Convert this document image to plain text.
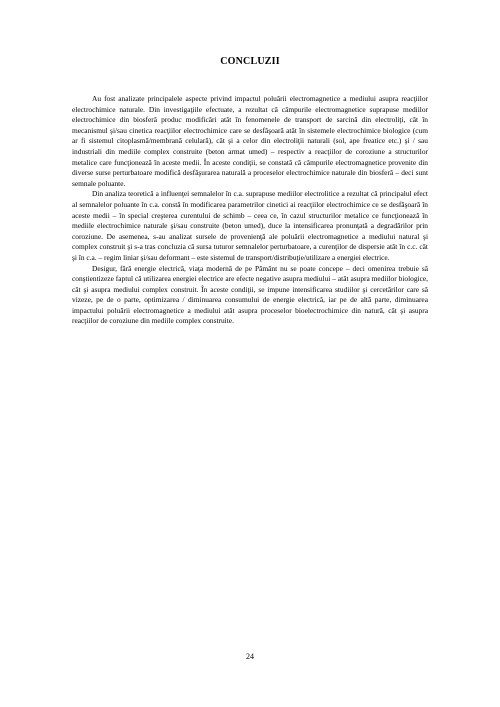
CONCLUZII

Au fost analizate principalele aspecte privind impactul poluării electromagnetice a mediului asupra reacţiilor electrochimice naturale. Din investigaţiile efectuate, a rezultat că câmpurile electromagnetice suprapuse mediilor electrochimice din biosferă produc modificări atât în fenomenele de transport de sarcină din electroliţi, cât în mecanismul şi/sau cinetica reacţiilor electrochimice care se desfăşoară atât în sistemele electrochimice biologice (cum ar fi sistemul citoplasmă/membrană celulară), cât şi a celor din electroliţii naturali (sol, ape freatice etc.) şi / sau industriali din mediile complex construite (beton armat umed) – respectiv a reacţiilor de coroziune a structurilor metalice care funcţionează în aceste medii. În aceste condiţii, se constată că câmpurile electromagnetice provenite din diverse surse perturbatoare modifică desfăşurarea naturală a proceselor electrochimice naturale din biosferă – deci sunt semnale poluante.

Din analiza teoretică a influenţei semnalelor în c.a. suprapuse mediilor electrolitice a rezultat că principalul efect al semnalelor poluante în c.a. constă în modificarea parametrilor cinetici ai reacţiilor electrochimice ce se desfăşoară în aceste medii – în special creşterea curentului de schimb – ceea ce, în cazul structurilor metalice ce funcţionează în mediile electrochimice naturale şi/sau construite (beton umed), duce la intensificarea pronunţată a degradărilor prin coroziune. De asemenea, s-au analizat sursele de provenienţă ale poluării electromagnetice a mediului natural şi complex construit şi s-a tras concluzia că sursa tuturor semnalelor perturbatoare, a curenţilor de dispersie atât în c.c. cât şi în c.a. – regim liniar şi/sau deformant – este sistemul de transport/distribuţie/utilizare a energiei electrice.

Desigur, fără energie electrică, viaţa modernă de pe Pământ nu se poate concepe – deci omenirea trebuie să conştientizeze faptul că utilizarea energiei electrice are efecte negative asupra mediului – atât asupra mediilor biologice, cât şi asupra mediului complex construit. În aceste condiţii, se impune intensificarea studiilor şi cercetărilor care să vizeze, pe de o parte, optimizarea / diminuarea consumului de energie electrică, iar pe de altă parte, diminuarea impactului poluării electromagnetice a mediului atât asupra proceselor bioelectrochimice din natură, cât şi asupra reacţiilor de coroziune din mediile complex construite.

24
